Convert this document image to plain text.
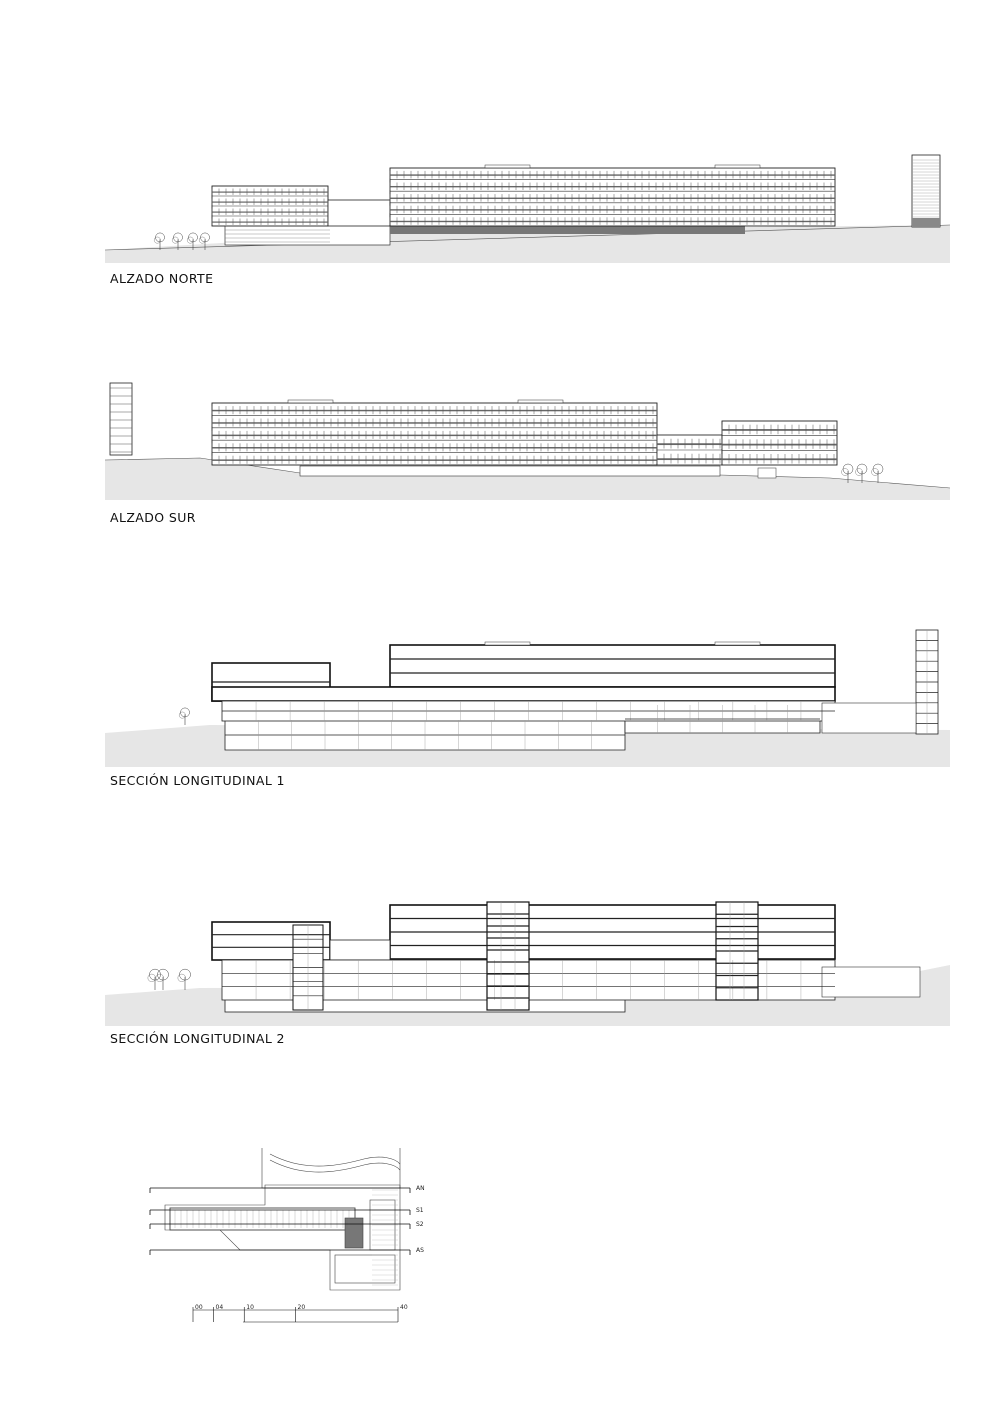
ALZADO NORTE
ALZADO SUR
SECCIÓN LONGITUDINAL 1
SECCIÓN LONGITUDINAL 2
AN
S1
S2
AS
00 04	10	20	40
